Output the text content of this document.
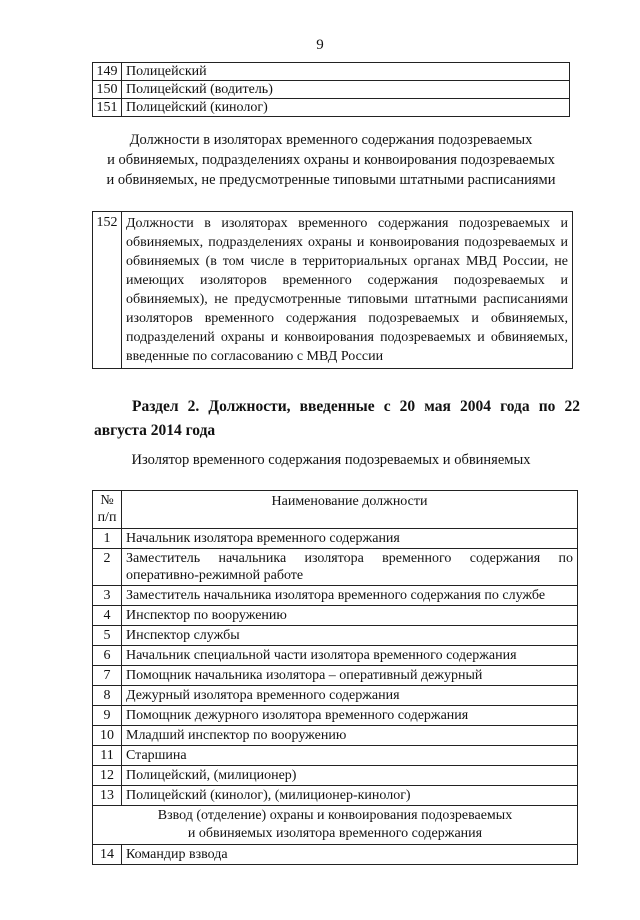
9
149	Полицейский
150	Полицейский (водитель)
151	Полицейский (кинолог)
Должности в изоляторах временного содержания подозреваемых
и обвиняемых, подразделениях охраны и конвоирования подозреваемых
и обвиняемых, не предусмотренные типовыми штатными расписаниями
152	Должности в изоляторах временного содержания подозреваемых и обвиняемых, подразделениях охраны и конвоирования подозреваемых и обвиняемых (в том числе в территориальных органах МВД России, не имеющих изоляторов временного содержания подозреваемых и обвиняемых), не предусмотренные типовыми штатными расписаниями изоляторов временного содержания подозреваемых и обвиняемых, подразделений охраны и конвоирования подозреваемых и обвиняемых, введенные по согласованию с МВД России
Раздел 2. Должности, введенные с 20 мая 2004 года по 22 августа 2014 года
Изолятор временного содержания подозреваемых и обвиняемых
№ п/п	Наименование должности
1	Начальник изолятора временного содержания
2	Заместитель начальника изолятора временного содержания по оперативно-режимной работе
3	Заместитель начальника изолятора временного содержания по службе
4	Инспектор по вооружению
5	Инспектор службы
6	Начальник специальной части изолятора временного содержания
7	Помощник начальника изолятора – оперативный дежурный
8	Дежурный изолятора временного содержания
9	Помощник дежурного изолятора временного содержания
10	Младший инспектор по вооружению
11	Старшина
12	Полицейский, (милиционер)
13	Полицейский (кинолог), (милиционер-кинолог)

Взвод (отделение) охраны и конвоирования подозреваемых
и обвиняемых изолятора временного содержания	

14	Командир взвода
